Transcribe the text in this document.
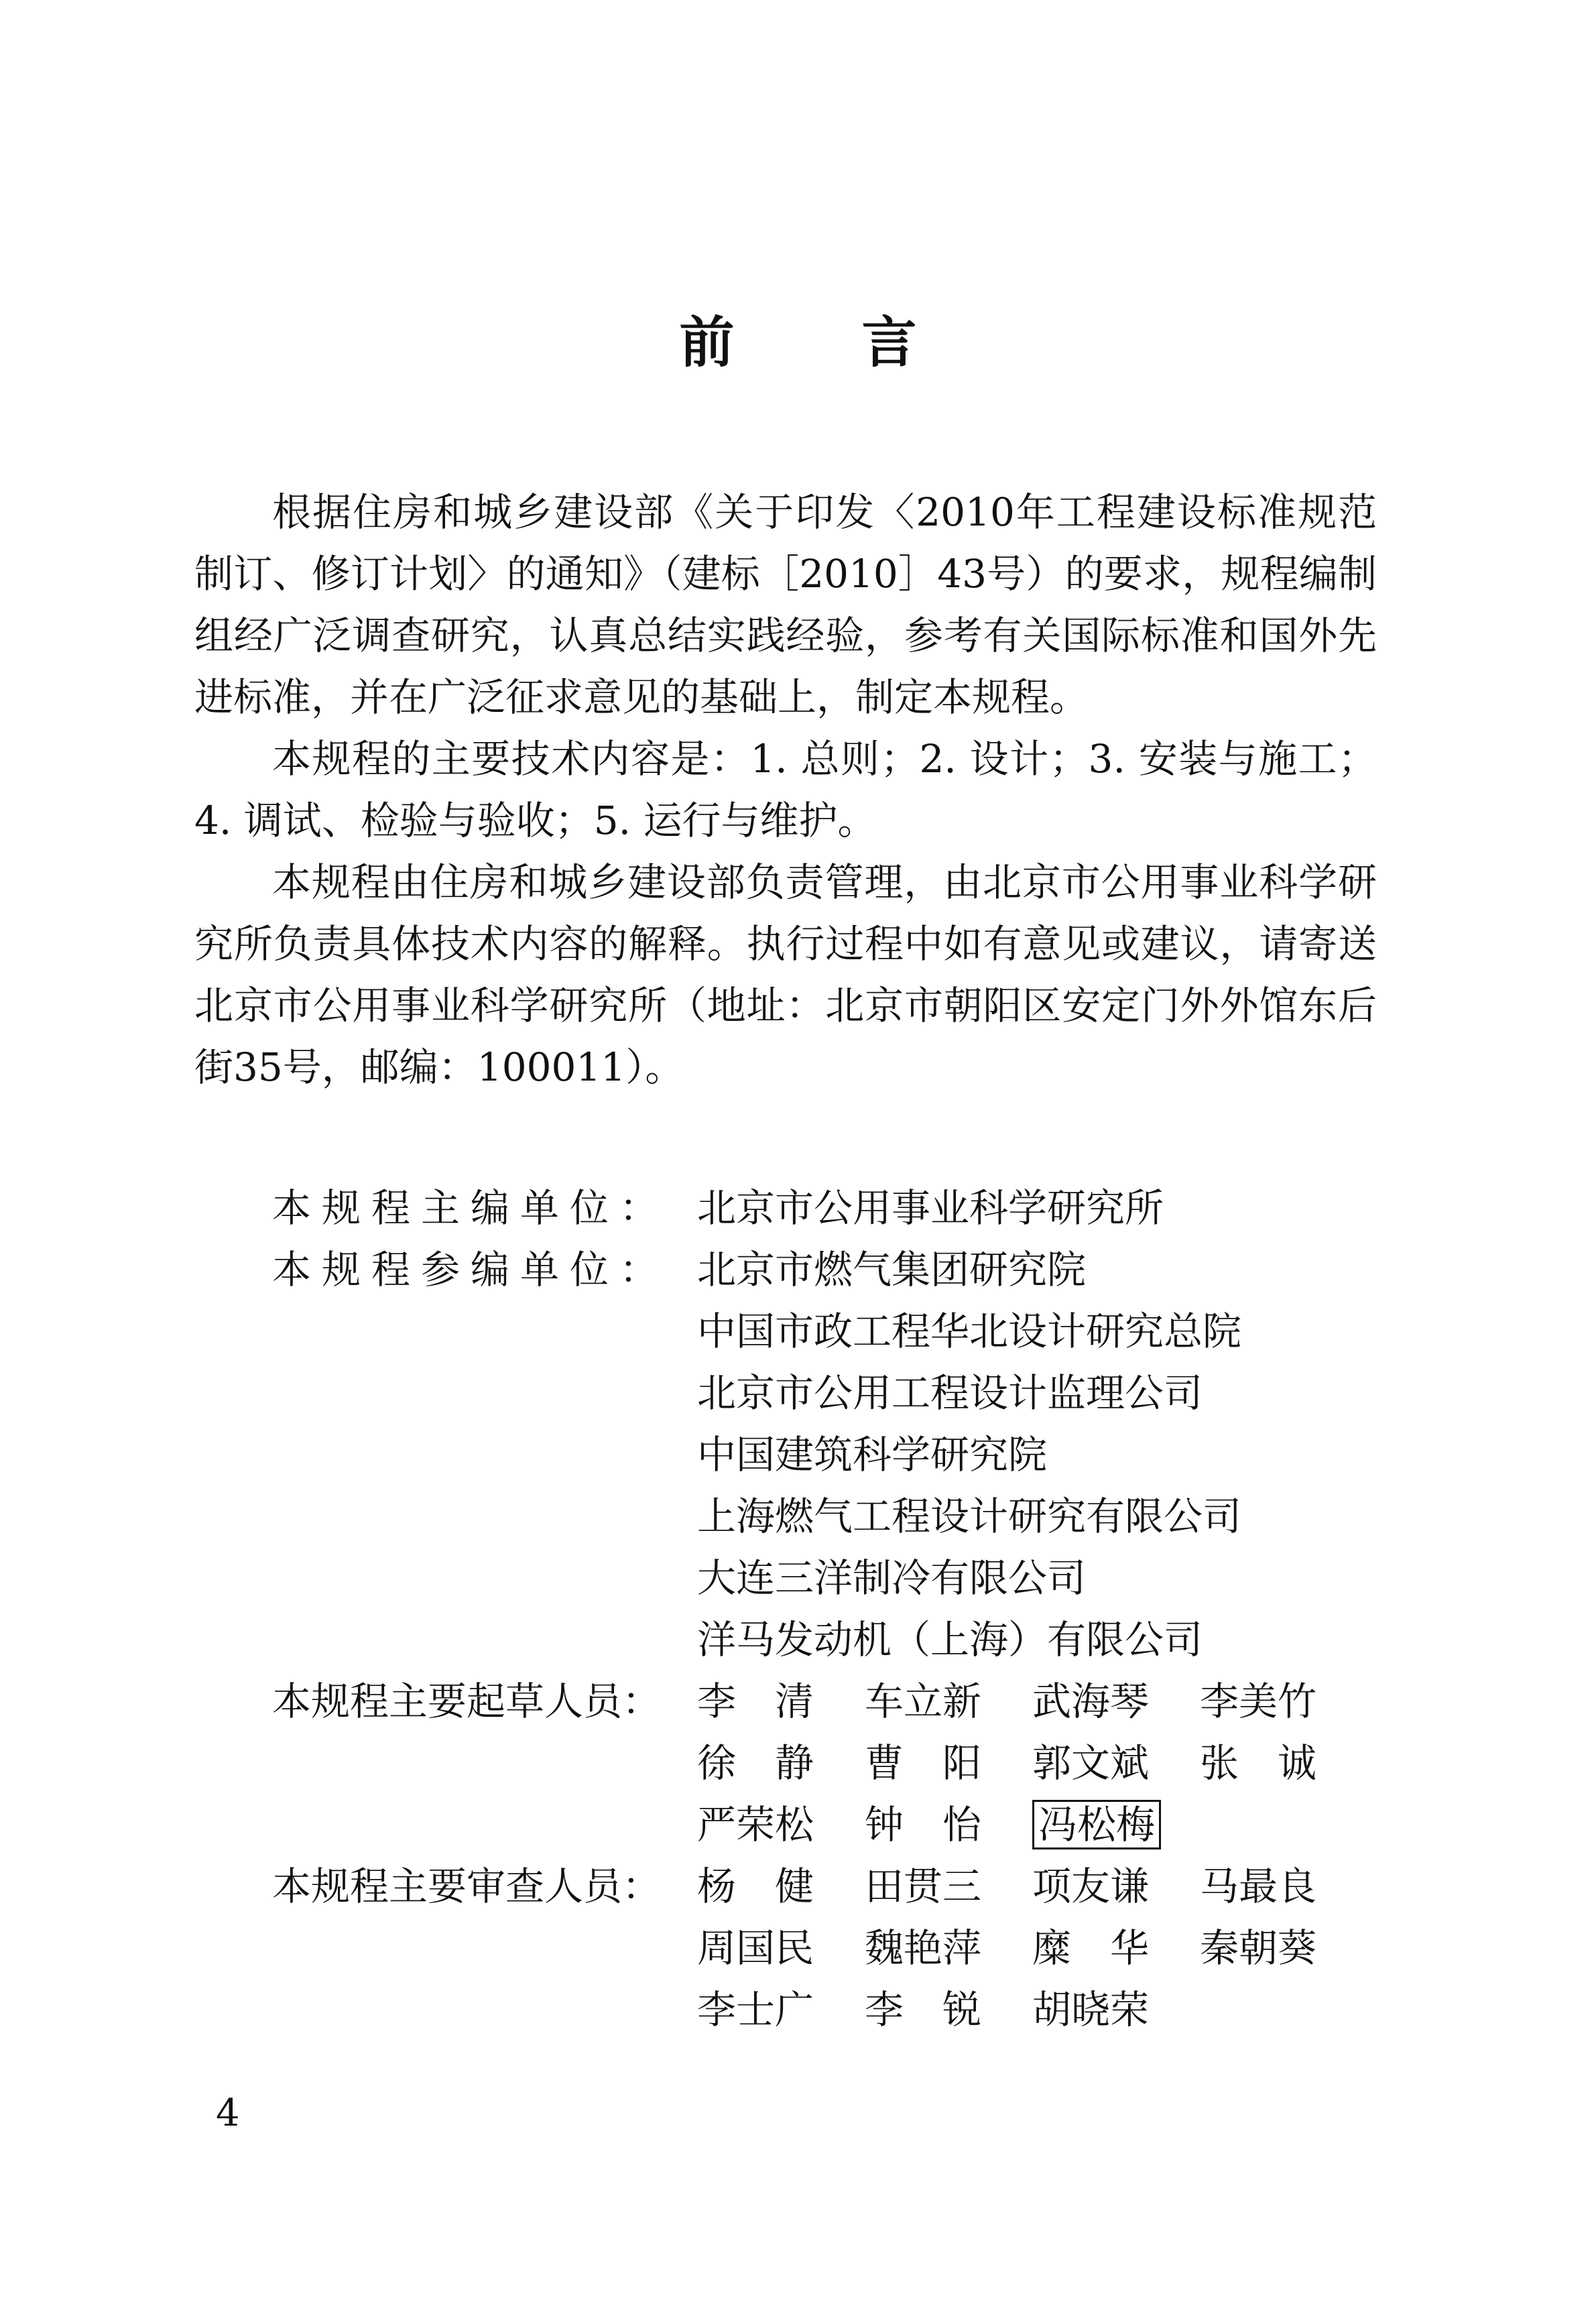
前言

根据住房和城乡建设部《关于印发〈2010年工程建设标准规范制订、修订计划〉的通知》（建标［2010］43号）的要求，规程编制组经广泛调查研究，认真总结实践经验，参考有关国际标准和国外先进标准，并在广泛征求意见的基础上，制定本规程。

本规程的主要技术内容是：1. 总则；2. 设计；3. 安装与施工；4. 调试、检验与验收；5. 运行与维护。

本规程由住房和城乡建设部负责管理，由北京市公用事业科学研究所负责具体技术内容的解释。执行过程中如有意见或建议，请寄送北京市公用事业科学研究所（地址：北京市朝阳区安定门外外馆东后街35号，邮编：100011）。

本规程主编单位： 北京市公用事业科学研究所
本规程参编单位： 北京市燃气集团研究院
中国市政工程华北设计研究总院
北京市公用工程设计监理公司
中国建筑科学研究院
上海燃气工程设计研究有限公司
大连三洋制冷有限公司
洋马发动机（上海）有限公司
本规程主要起草人员： 李　清	车立新	武海琴	李美竹
徐　静	曹　阳	郭文斌	张　诚
严荣松	钟　怡	冯松梅
本规程主要审查人员： 杨　健	田贯三	项友谦	马最良
周国民	魏艳萍	糜　华	秦朝葵
李士广	李　锐	胡晓荣
4
